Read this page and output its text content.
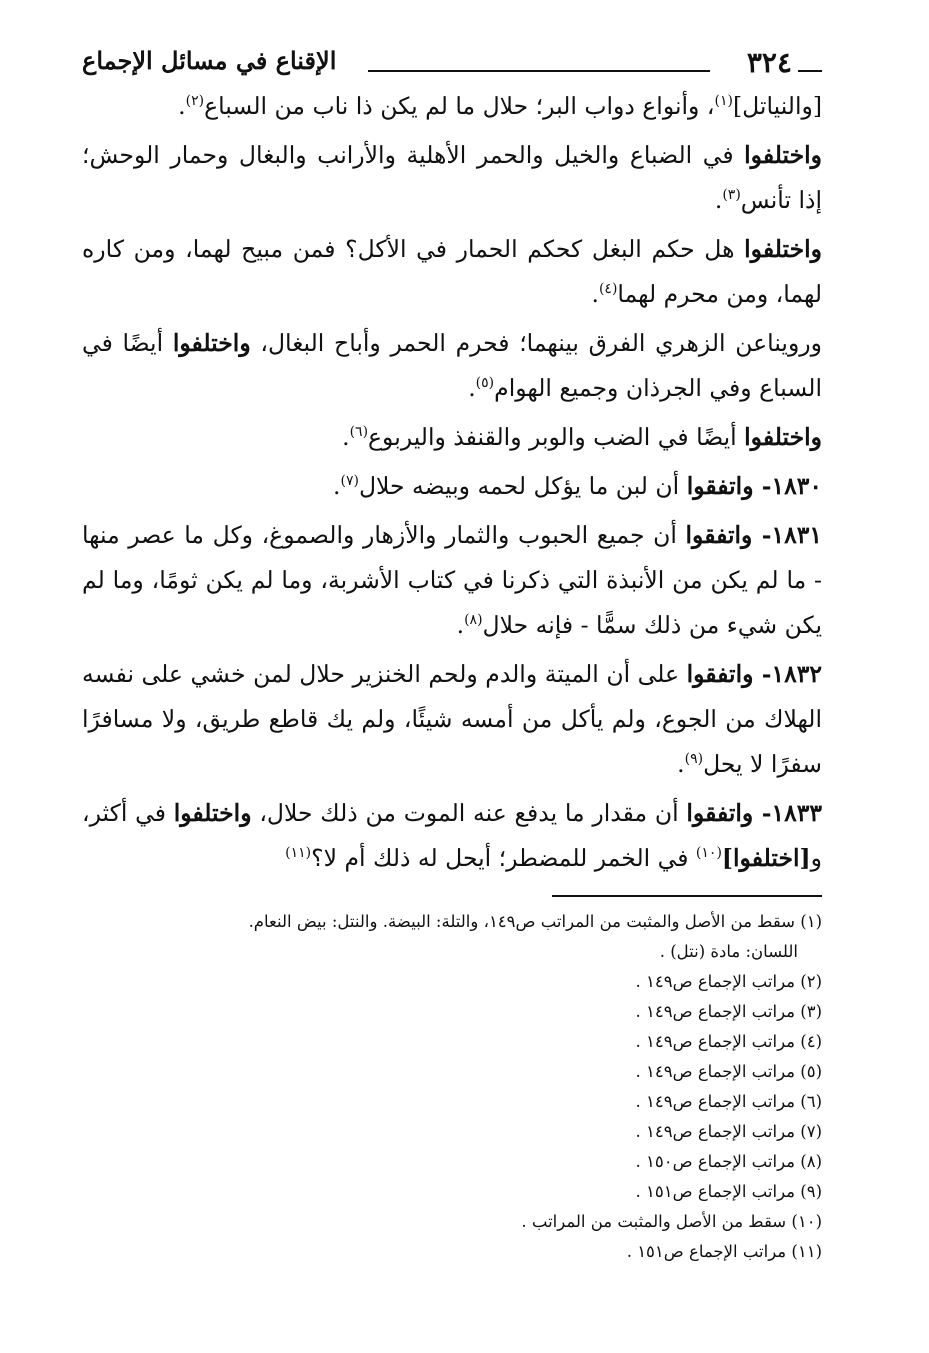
٣٢٤
الإقناع في مسائل الإجماع

[والنياتل]$^{(١)}$، وأنواع دواب البر؛ حلال ما لم يكن ذا ناب من السباع$^{(٢)}$.

واختلفوا في الضباع والخيل والحمر الأهلية والأرانب والبغال وحمار الوحش؛ إذا تأنس$^{(٣)}$.

واختلفوا هل حكم البغل كحكم الحمار في الأكل؟ فمن مبيح لهما، ومن كاره لهما، ومن محرم لهما$^{(٤)}$.

ورويناعن الزهري الفرق بينهما؛ فحرم الحمر وأباح البغال، واختلفوا أيضًا في السباع وفي الجرذان وجميع الهوام$^{(٥)}$.

واختلفوا أيضًا في الضب والوبر والقنفذ واليربوع$^{(٦)}$.

١٨٣٠- واتفقوا أن لبن ما يؤكل لحمه وبيضه حلال$^{(٧)}$.

١٨٣١- واتفقوا أن جميع الحبوب والثمار والأزهار والصموغ، وكل ما عصر منها - ما لم يكن من الأنبذة التي ذكرنا في كتاب الأشربة، وما لم يكن ثومًا، وما لم يكن شيء من ذلك سمًّا - فإنه حلال$^{(٨)}$.

١٨٣٢- واتفقوا على أن الميتة والدم ولحم الخنزير حلال لمن خشي على نفسه الهلاك من الجوع، ولم يأكل من أمسه شيئًا، ولم يك قاطع طريق، ولا مسافرًا سفرًا لا يحل$^{(٩)}$.

١٨٣٣- واتفقوا أن مقدار ما يدفع عنه الموت من ذلك حلال، واختلفوا في أكثر، و[اختلفوا]$^{(١٠)}$ في الخمر للمضطر؛ أيحل له ذلك أم لا؟$^{(١١)}$

(١) سقط من الأصل والمثبت من المراتب ص١٤٩، والتلة: البيضة. والنتل: بيض النعام.

اللسان: مادة (نتل) .

(٢) مراتب الإجماع ص١٤٩ .

(٣) مراتب الإجماع ص١٤٩ .

(٤) مراتب الإجماع ص١٤٩ .

(٥) مراتب الإجماع ص١٤٩ .

(٦) مراتب الإجماع ص١٤٩ .

(٧) مراتب الإجماع ص١٤٩ .

(٨) مراتب الإجماع ص١٥٠ .

(٩) مراتب الإجماع ص١٥١ .

(١٠) سقط من الأصل والمثبت من المراتب .

(١١) مراتب الإجماع ص١٥١ .
